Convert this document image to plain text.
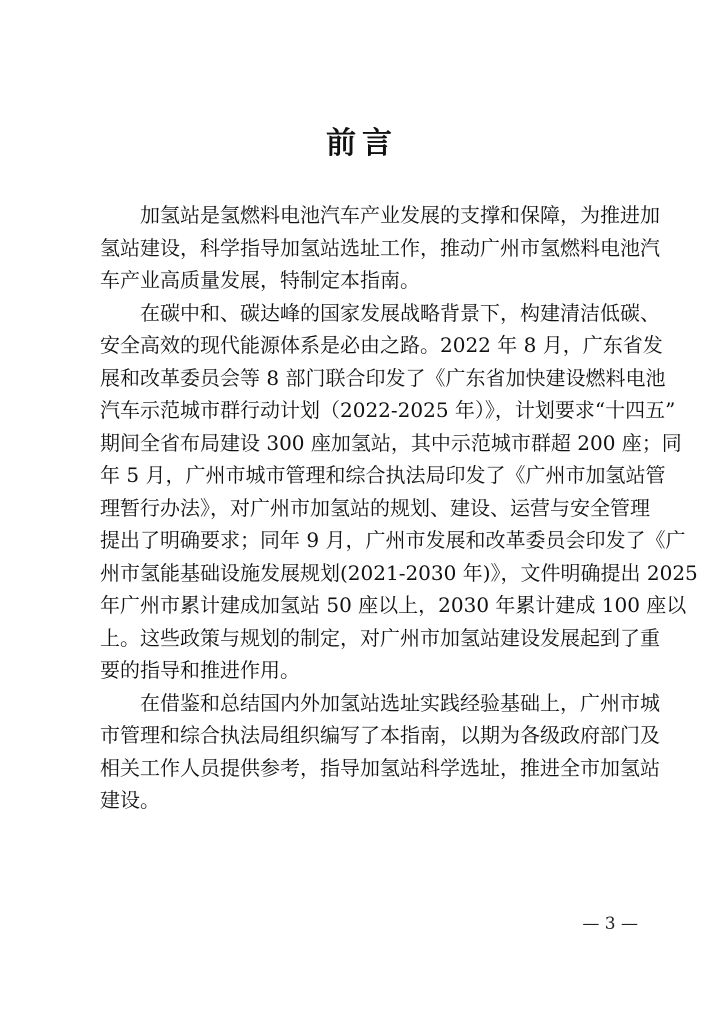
前言

加氢站是氢燃料电池汽车产业发展的支撑和保障，为推进加
氢站建设，科学指导加氢站选址工作，推动广州市氢燃料电池汽
车产业高质量发展，特制定本指南。

在碳中和、碳达峰的国家发展战略背景下，构建清洁低碳、
安全高效的现代能源体系是必由之路。2022 年 8 月，广东省发
展和改革委员会等 8 部门联合印发了《广东省加快建设燃料电池
汽车示范城市群行动计划（2022-2025 年）》，计划要求“十四五”
期间全省布局建设 300 座加氢站，其中示范城市群超 200 座；同
年 5 月，广州市城市管理和综合执法局印发了《广州市加氢站管
理暂行办法》，对广州市加氢站的规划、建设、运营与安全管理
提出了明确要求；同年 9 月，广州市发展和改革委员会印发了《广
州市氢能基础设施发展规划(2021-2030 年)》，文件明确提出 2025
年广州市累计建成加氢站 50 座以上，2030 年累计建成 100 座以
上。这些政策与规划的制定，对广州市加氢站建设发展起到了重
要的指导和推进作用。

在借鉴和总结国内外加氢站选址实践经验基础上，广州市城
市管理和综合执法局组织编写了本指南，以期为各级政府部门及
相关工作人员提供参考，指导加氢站科学选址，推进全市加氢站
建设。

— 3 —
